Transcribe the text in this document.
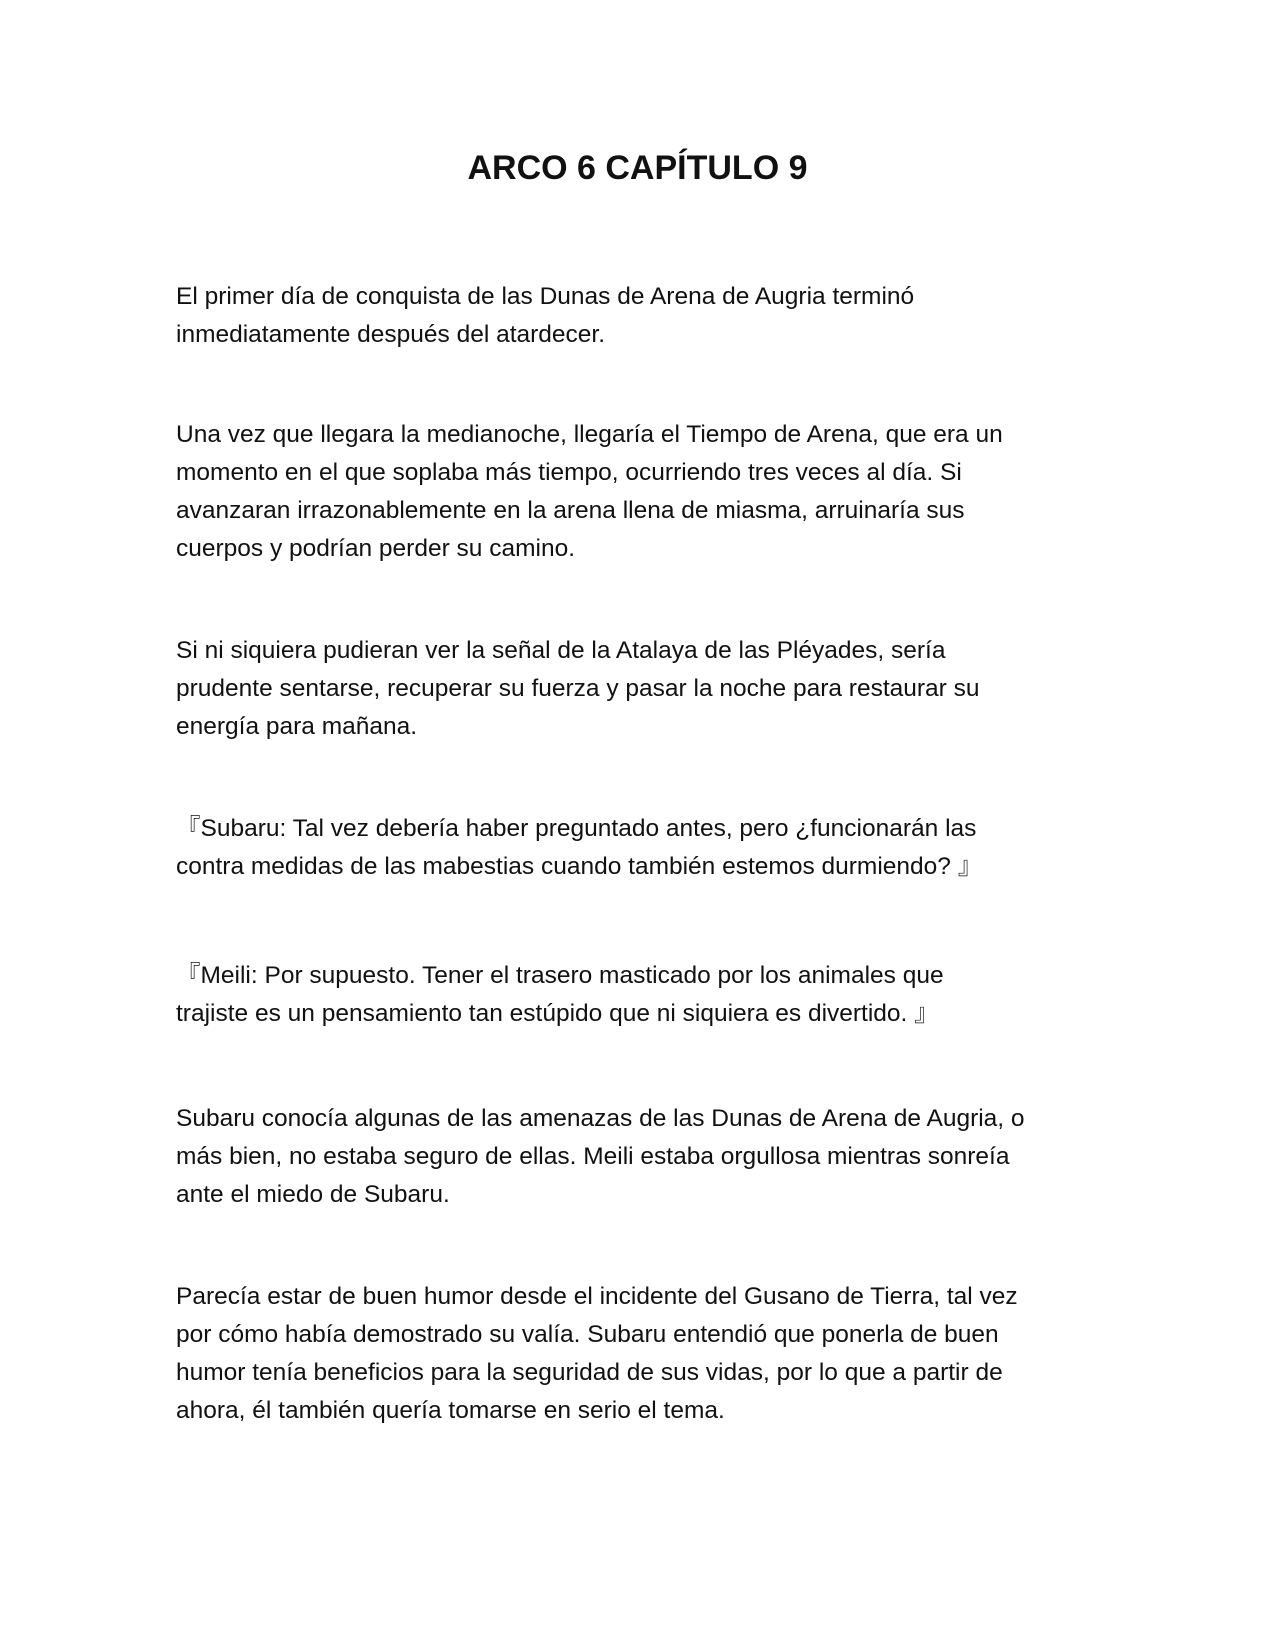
ARCO 6 CAPÍTULO 9

El primer día de conquista de las Dunas de Arena de Augria terminó
inmediatamente después del atardecer.

Una vez que llegara la medianoche, llegaría el Tiempo de Arena, que era un
momento en el que soplaba más tiempo, ocurriendo tres veces al día. Si
avanzaran irrazonablemente en la arena llena de miasma, arruinaría sus
cuerpos y podrían perder su camino.

Si ni siquiera pudieran ver la señal de la Atalaya de las Pléyades, sería
prudente sentarse, recuperar su fuerza y pasar la noche para restaurar su
energía para mañana.

『Subaru: Tal vez debería haber preguntado antes, pero ¿funcionarán las
contra medidas de las mabestias cuando también estemos durmiendo? 』

『Meili: Por supuesto. Tener el trasero masticado por los animales que
trajiste es un pensamiento tan estúpido que ni siquiera es divertido. 』

Subaru conocía algunas de las amenazas de las Dunas de Arena de Augria, o
más bien, no estaba seguro de ellas. Meili estaba orgullosa mientras sonreía
ante el miedo de Subaru.

Parecía estar de buen humor desde el incidente del Gusano de Tierra, tal vez
por cómo había demostrado su valía. Subaru entendió que ponerla de buen
humor tenía beneficios para la seguridad de sus vidas, por lo que a partir de
ahora, él también quería tomarse en serio el tema.
